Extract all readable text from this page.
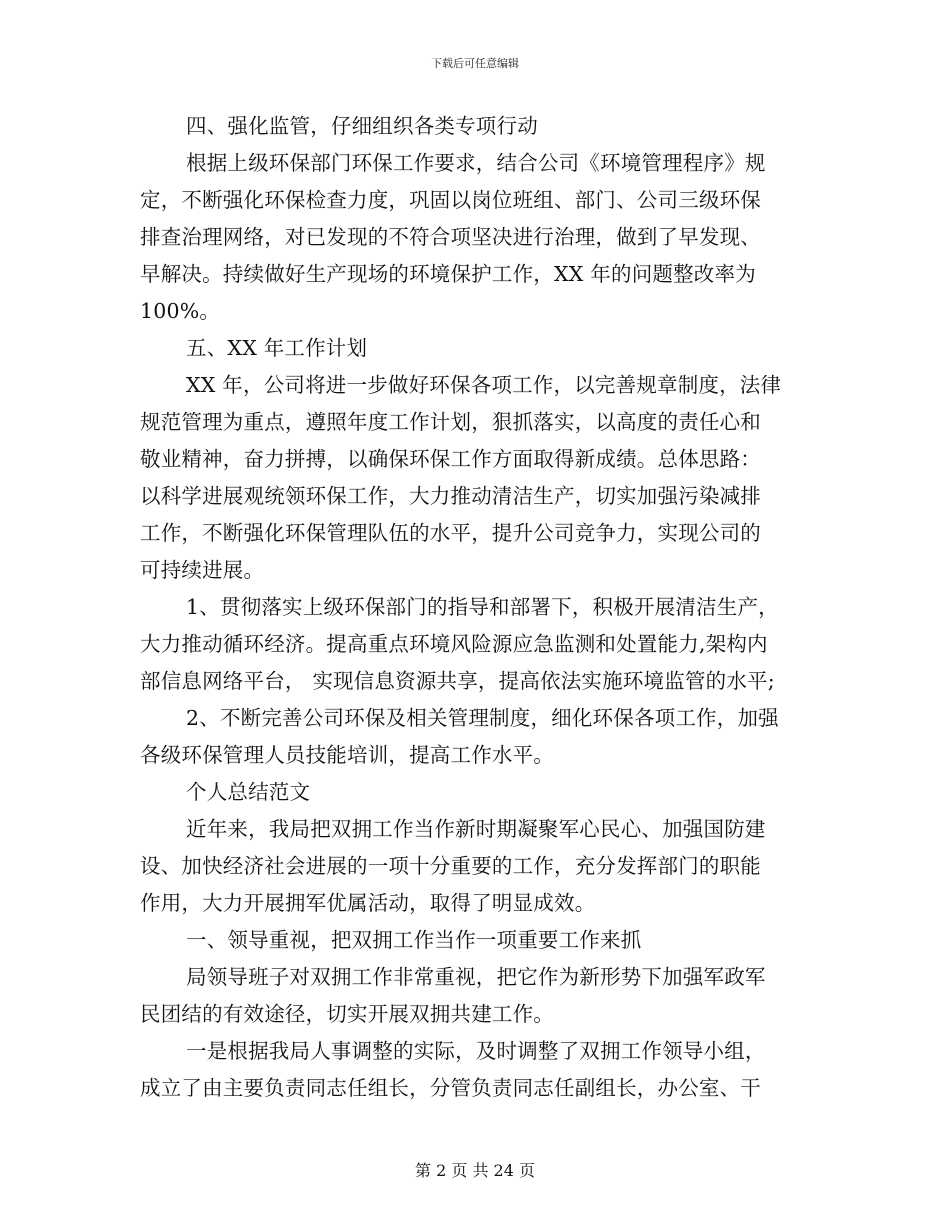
下载后可任意编辑
四、强化监管，仔细组织各类专项行动
根据上级环保部门环保工作要求，结合公司《环境管理程序》规
定，不断强化环保检查力度，巩固以岗位班组、部门、公司三级环保
排查治理网络，对已发现的不符合项坚决进行治理，做到了早发现、
早解决。持续做好生产现场的环境保护工作，XX 年的问题整改率为
100%。
五、XX 年工作计划
XX 年，公司将进一步做好环保各项工作，以完善规章制度，法律
规范管理为重点，遵照年度工作计划，狠抓落实，以高度的责任心和
敬业精神，奋力拼搏，以确保环保工作方面取得新成绩。总体思路：
以科学进展观统领环保工作，大力推动清洁生产，切实加强污染减排
工作，不断强化环保管理队伍的水平，提升公司竞争力，实现公司的
可持续进展。
1、贯彻落实上级环保部门的指导和部署下，积极开展清洁生产，
大力推动循环经济。提高重点环境风险源应急监测和处置能力,架构内
部信息网络平台， 实现信息资源共享，提高依法实施环境监管的水平;
2、不断完善公司环保及相关管理制度，细化环保各项工作，加强
各级环保管理人员技能培训，提高工作水平。
个人总结范文
近年来，我局把双拥工作当作新时期凝聚军心民心、加强国防建
设、加快经济社会进展的一项十分重要的工作，充分发挥部门的职能
作用，大力开展拥军优属活动，取得了明显成效。
一、领导重视，把双拥工作当作一项重要工作来抓
局领导班子对双拥工作非常重视，把它作为新形势下加强军政军
民团结的有效途径，切实开展双拥共建工作。
一是根据我局人事调整的实际，及时调整了双拥工作领导小组，
成立了由主要负责同志任组长，分管负责同志任副组长，办公室、干
第 2 页 共 24 页
